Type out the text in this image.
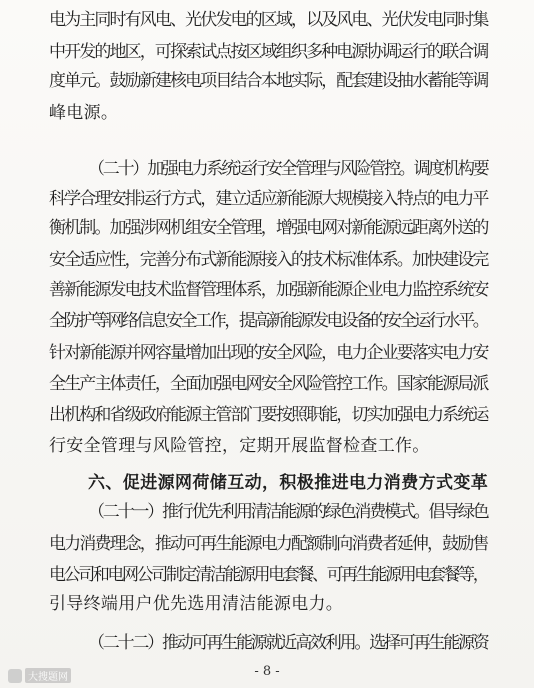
电为主同时有风电、光伏发电的区域，以及风电、光伏发电同时集
中开发的地区，可探索试点按区域组织多种电源协调运行的联合调
度单元。鼓励新建核电项目结合本地实际，配套建设抽水蓄能等调
峰电源。
（二十）加强电力系统运行安全管理与风险管控。调度机构要
科学合理安排运行方式，建立适应新能源大规模接入特点的电力平
衡机制。加强涉网机组安全管理，增强电网对新能源远距离外送的
安全适应性，完善分布式新能源接入的技术标准体系。加快建设完
善新能源发电技术监督管理体系，加强新能源企业电力监控系统安
全防护等网络信息安全工作，提高新能源发电设备的安全运行水平。
针对新能源并网容量增加出现的安全风险，电力企业要落实电力安
全生产主体责任，全面加强电网安全风险管控工作。国家能源局派
出机构和省级政府能源主管部门要按照职能，切实加强电力系统运
行安全管理与风险管控，定期开展监督检查工作。
六、促进源网荷储互动，积极推进电力消费方式变革
（二十一）推行优先利用清洁能源的绿色消费模式。倡导绿色
电力消费理念，推动可再生能源电力配额制向消费者延伸，鼓励售
电公司和电网公司制定清洁能源用电套餐、可再生能源用电套餐等，
引导终端用户优先选用清洁能源电力。
（二十二）推动可再生能源就近高效利用。选择可再生能源资
- 8 -
大搜题网
